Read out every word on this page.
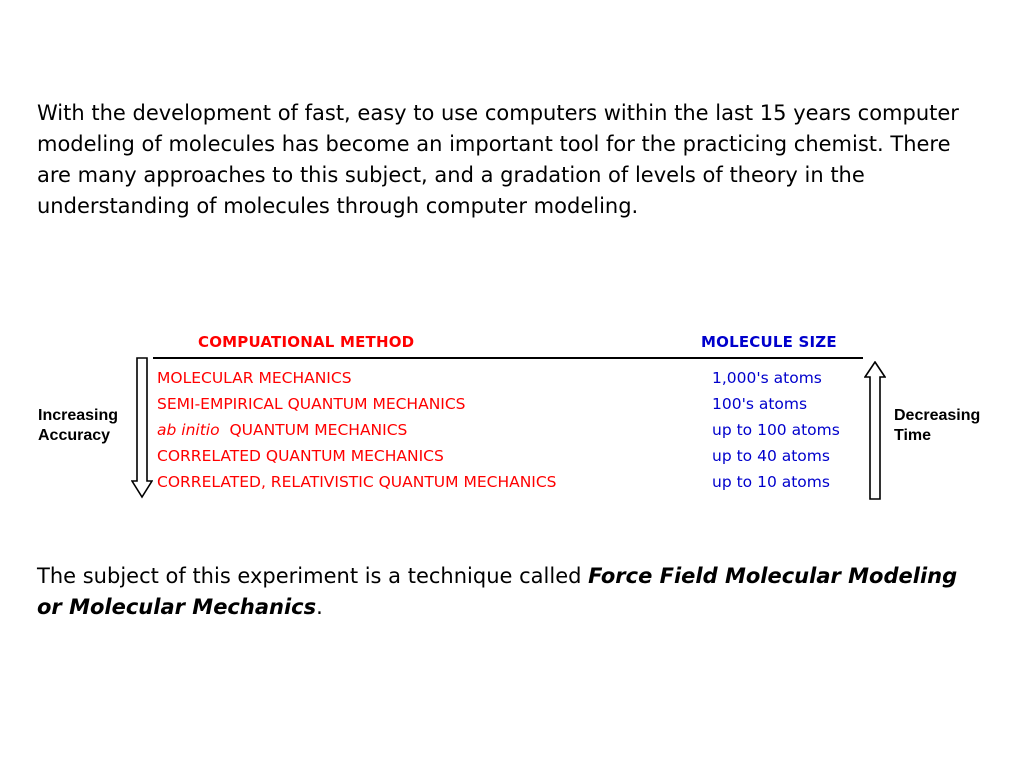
With the development of fast, easy to use computers within the last 15 years computer modeling of molecules has become an important tool for the practicing chemist. There are many approaches to this subject, and a gradation of levels of theory in the understanding of molecules through computer modeling.

COMPUATIONAL METHOD	MOLECULE SIZE
MOLECULAR MECHANICS
SEMI-EMPIRICAL QUANTUM MECHANICS
ab initio QUANTUM MECHANICS
CORRELATED QUANTUM MECHANICS
CORRELATED, RELATIVISTIC QUANTUM MECHANICS
1,000's atoms
100's atoms
up to 100 atoms
up to 40 atoms
up to 10 atoms
Increasing
Accuracy
Decreasing
Time

The subject of this experiment is a technique called Force Field Molecular Modeling or Molecular Mechanics.
